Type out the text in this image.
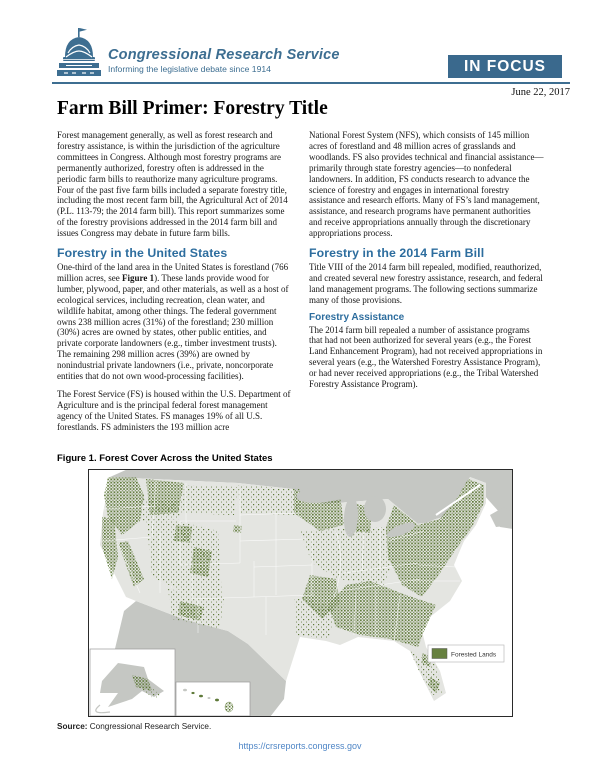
Congressional Research Service
Informing the legislative debate since 1914	IN FOCUS
June 22, 2017
Farm Bill Primer: Forestry Title

Forest management generally, as well as forest research and forestry assistance, is within the jurisdiction of the agriculture committees in Congress. Although most forestry programs are permanently authorized, forestry often is addressed in the periodic farm bills to reauthorize many agriculture programs. Four of the past five farm bills included a separate forestry title, including the most recent farm bill, the Agricultural Act of 2014 (P.L. 113-79; the 2014 farm bill). This report summarizes some of the forestry provisions addressed in the 2014 farm bill and issues Congress may debate in future farm bills.

Forestry in the United States

One-third of the land area in the United States is forestland (766 million acres, see Figure 1). These lands provide wood for lumber, plywood, paper, and other materials, as well as a host of ecological services, including recreation, clean water, and wildlife habitat, among other things. The federal government owns 238 million acres (31%) of the forestland; 230 million (30%) acres are owned by states, other public entities, and private corporate landowners (e.g., timber investment trusts). The remaining 298 million acres (39%) are owned by nonindustrial private landowners (i.e., private, noncorporate entities that do not own wood-processing facilities).

The Forest Service (FS) is housed within the U.S. Department of Agriculture and is the principal federal forest management agency of the United States. FS manages 19% of all U.S. forestlands. FS administers the 193 million acre

National Forest System (NFS), which consists of 145 million acres of forestland and 48 million acres of grasslands and woodlands. FS also provides technical and financial assistance—primarily through state forestry agencies—to nonfederal landowners. In addition, FS conducts research to advance the science of forestry and engages in international forestry assistance and research efforts. Many of FS’s land management, assistance, and research programs have permanent authorities and receive appropriations annually through the discretionary appropriations process.

Forestry in the 2014 Farm Bill

Title VIII of the 2014 farm bill repealed, modified, reauthorized, and created several new forestry assistance, research, and federal land management programs. The following sections summarize many of those provisions.

Forestry Assistance

The 2014 farm bill repealed a number of assistance programs that had not been authorized for several years (e.g., the Forest Land Enhancement Program), had not received appropriations in several years (e.g., the Watershed Forestry Assistance Program), or had never received appropriations (e.g., the Tribal Watershed Forestry Assistance Program).

Figure 1. Forest Cover Across the United States
Forested Lands
Source: Congressional Research Service.
https://crsreports.congress.gov
